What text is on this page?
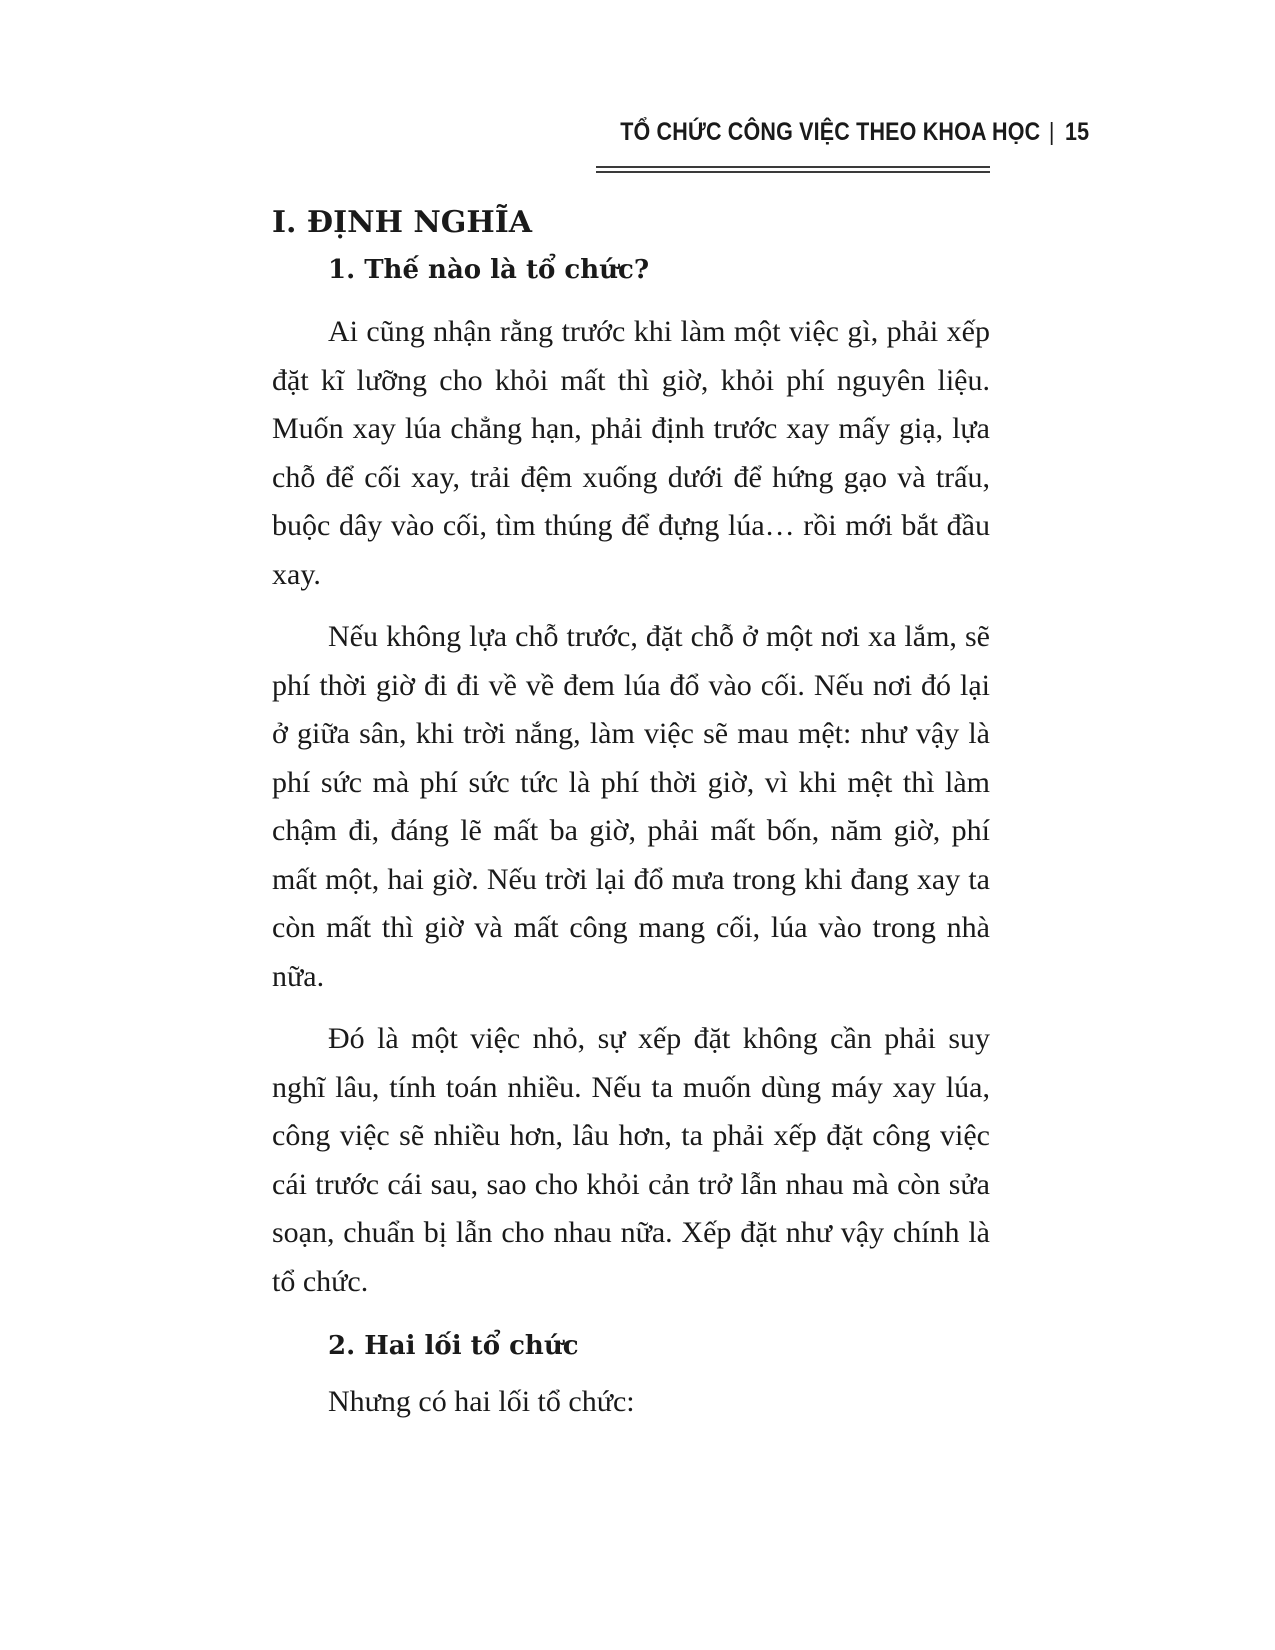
TỔ CHỨC CÔNG VIỆC THEO KHOA HỌC | 15
I. ĐỊNH NGHĨA
1. Thế nào là tổ chức?

Ai cũng nhận rằng trước khi làm một việc gì, phải xếp đặt kĩ lưỡng cho khỏi mất thì giờ, khỏi phí nguyên liệu. Muốn xay lúa chẳng hạn, phải định trước xay mấy giạ, lựa chỗ để cối xay, trải đệm xuống dưới để hứng gạo và trấu, buộc dây vào cối, tìm thúng để đựng lúa… rồi mới bắt đầu xay.

Nếu không lựa chỗ trước, đặt chỗ ở một nơi xa lắm, sẽ phí thời giờ đi đi về về đem lúa đổ vào cối. Nếu nơi đó lại ở giữa sân, khi trời nắng, làm việc sẽ mau mệt: như vậy là phí sức mà phí sức tức là phí thời giờ, vì khi mệt thì làm chậm đi, đáng lẽ mất ba giờ, phải mất bốn, năm giờ, phí mất một, hai giờ. Nếu trời lại đổ mưa trong khi đang xay ta còn mất thì giờ và mất công mang cối, lúa vào trong nhà nữa.

Đó là một việc nhỏ, sự xếp đặt không cần phải suy nghĩ lâu, tính toán nhiều. Nếu ta muốn dùng máy xay lúa, công việc sẽ nhiều hơn, lâu hơn, ta phải xếp đặt công việc cái trước cái sau, sao cho khỏi cản trở lẫn nhau mà còn sửa soạn, chuẩn bị lẫn cho nhau nữa. Xếp đặt như vậy chính là tổ chức.

2. Hai lối tổ chức

Nhưng có hai lối tổ chức:
